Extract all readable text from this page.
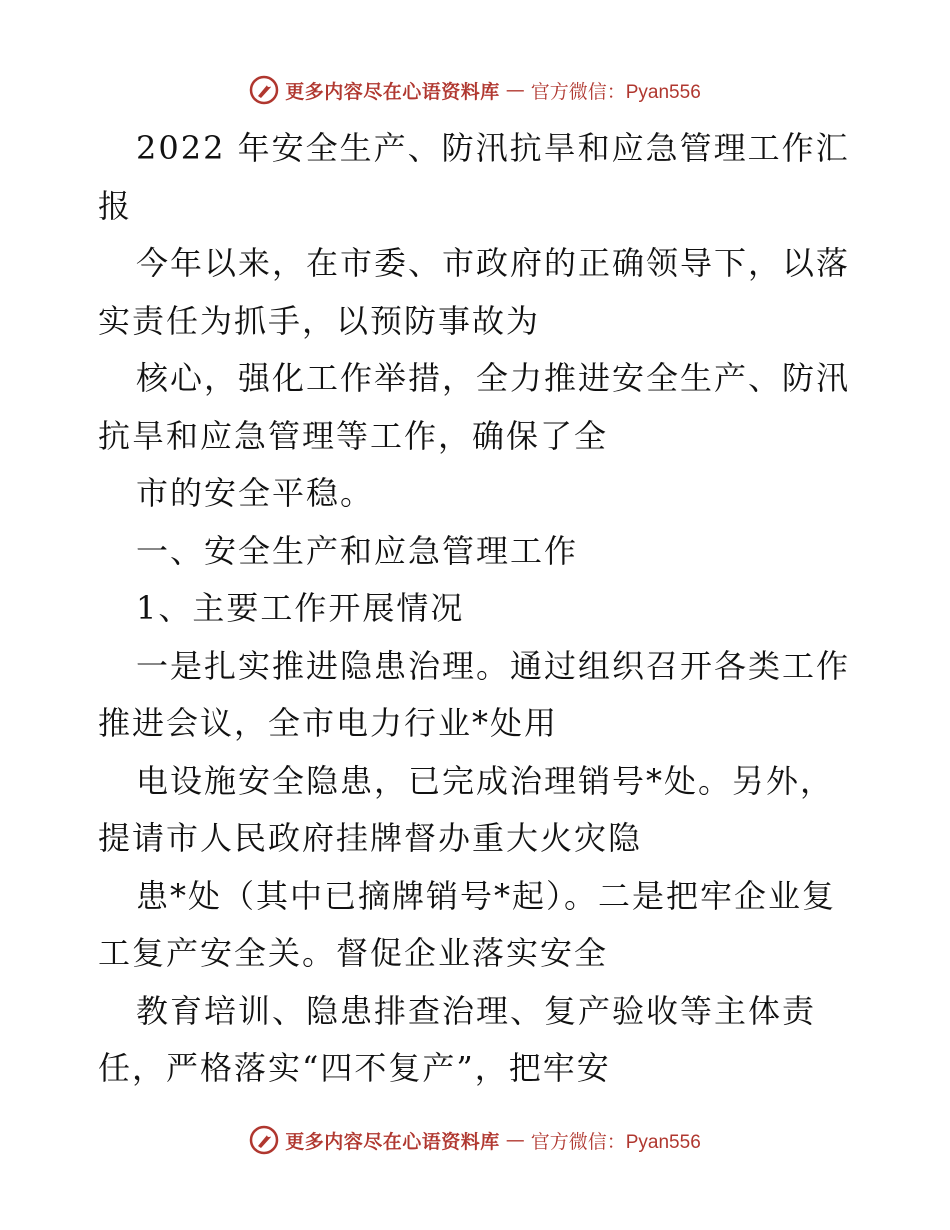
更多内容尽在心语资料库 — 官方微信：Pyan556
2022 年安全生产、防汛抗旱和应急管理工作汇
报
今年以来，在市委、市政府的正确领导下，以落
实责任为抓手，以预防事故为
核心，强化工作举措，全力推进安全生产、防汛
抗旱和应急管理等工作，确保了全
市的安全平稳。
一、安全生产和应急管理工作
1、主要工作开展情况
一是扎实推进隐患治理。通过组织召开各类工作
推进会议，全市电力行业*处用
电设施安全隐患，已完成治理销号*处。另外，
提请市人民政府挂牌督办重大火灾隐
患*处（其中已摘牌销号*起）。二是把牢企业复
工复产安全关。督促企业落实安全
教育培训、隐患排查治理、复产验收等主体责
任，严格落实“四不复产”，把牢安
更多内容尽在心语资料库 — 官方微信：Pyan556
